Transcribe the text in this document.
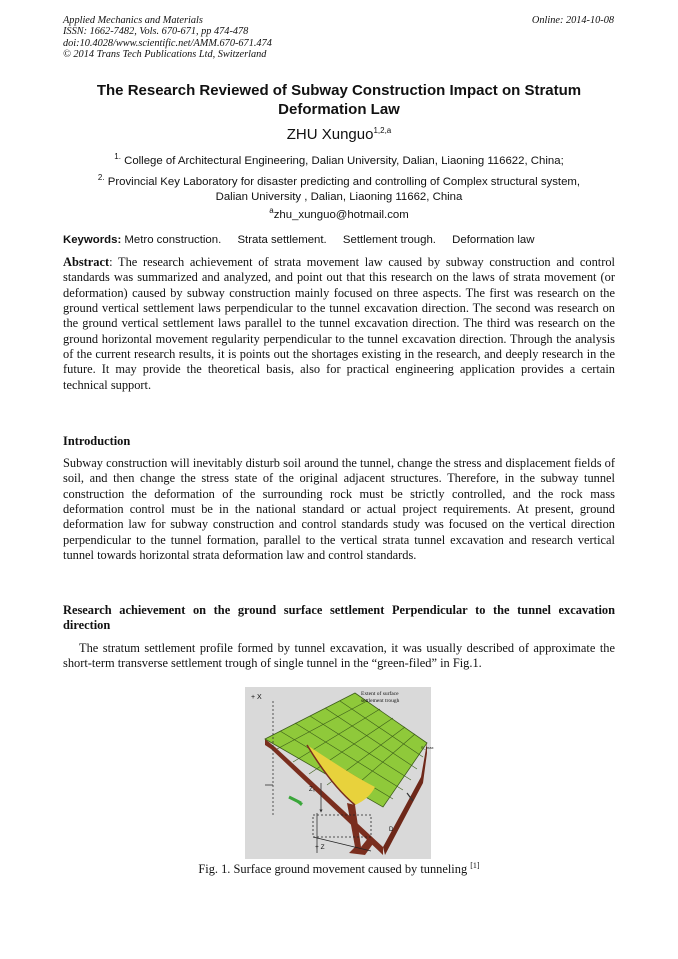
Applied Mechanics and Materials
ISSN: 1662-7482, Vols. 670-671, pp 474-478
doi:10.4028/www.scientific.net/AMM.670-671.474
© 2014 Trans Tech Publications Ltd, Switzerland
Online: 2014-10-08
The Research Reviewed of Subway Construction Impact on Stratum
Deformation Law
ZHU Xunguo$^{1,2,a}$
$^{1.}$ College of Architectural Engineering, Dalian University, Dalian, Liaoning 116622, China;
$^{2.}$ Provincial Key Laboratory for disaster predicting and controlling of Complex structural system,
Dalian University , Dalian, Liaoning 11662, China
$^a$zhu_xunguo@hotmail.com
Keywords: Metro construction. Strata settlement. Settlement trough. Deformation law
Abstract: The research achievement of strata movement law caused by subway construction and control standards was summarized and analyzed, and point out that this research on the laws of strata movement (or deformation) caused by subway construction mainly focused on three aspects. The first was research on the ground vertical settlement laws perpendicular to the tunnel excavation direction. The second was research on the ground vertical settlement laws parallel to the tunnel excavation direction. The third was research on the ground horizontal movement regularity perpendicular to the tunnel excavation direction. Through the analysis of the current research results, it is points out the shortages existing in the research, and deeply research in the future. It may provide the theoretical basis, also for practical engineering application provides a certain technical support.
Introduction
Subway construction will inevitably disturb soil around the tunnel, change the stress and displacement fields of soil, and then change the stress state of the original adjacent structures. Therefore, in the subway tunnel construction the deformation of the surrounding rock must be strictly controlled, and the rock mass deformation control must be in the national standard or actual project requirements. At present, ground deformation law for subway construction and control standards study was focused on the vertical direction perpendicular to the tunnel formation, parallel to the vertical strata tunnel excavation and research vertical tunnel towards horizontal strata deformation law and control standards.
Research achievement on the ground surface settlement Perpendicular to the tunnel excavation direction
The stratum settlement profile formed by tunnel excavation, it was usually described of approximate the short-term transverse settlement trough of single tunnel in the “green-filed” in Fig.1.
+ X	Extent of surface
settlement trough
Z₀
+ Z
D
S_max
Fig. 1. Surface ground movement caused by tunneling [1]
